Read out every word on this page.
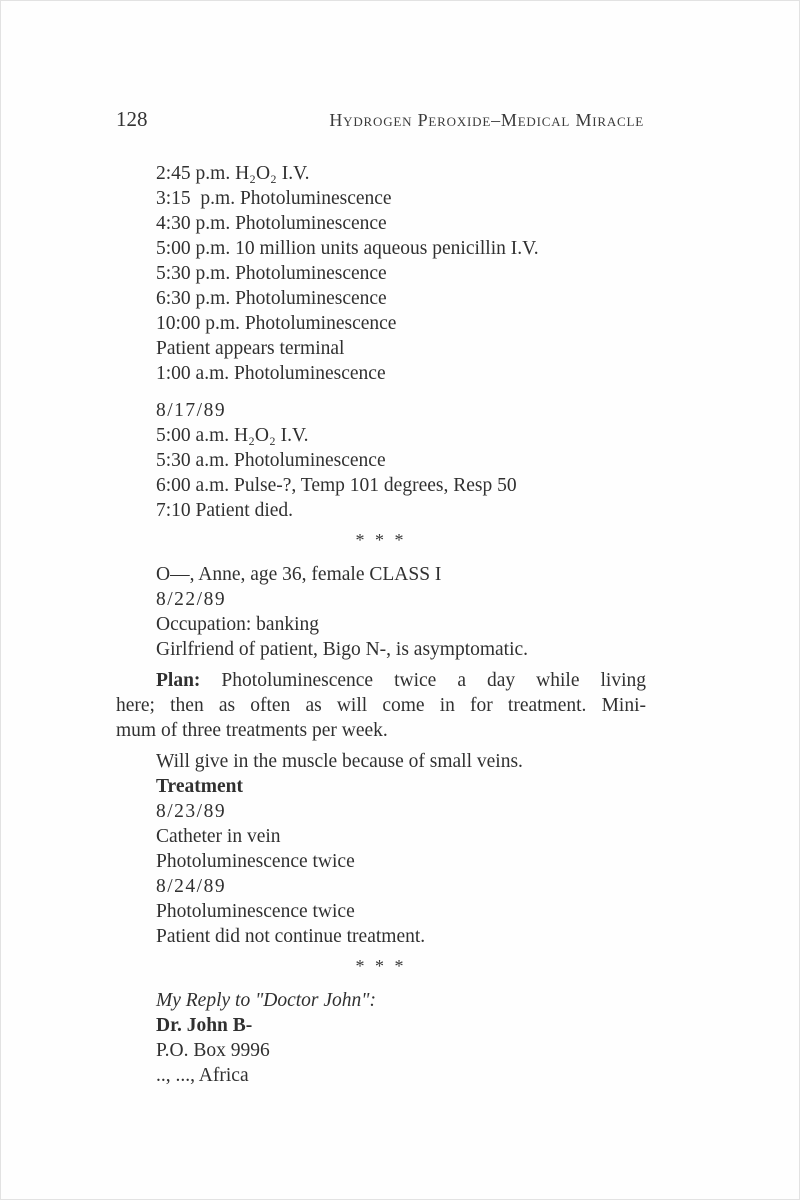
128	Hydrogen Peroxide–Medical Miracle
2:45 p.m. H₂O₂ I.V.
3:15  p.m. Photoluminescence
4:30 p.m. Photoluminescence
5:00 p.m. 10 million units aqueous penicillin I.V.
5:30 p.m. Photoluminescence
6:30 p.m. Photoluminescence
10:00 p.m. Photoluminescence
Patient appears terminal
1:00 a.m. Photoluminescence
8/17/89
5:00 a.m. H₂O₂ I.V.
5:30 a.m. Photoluminescence
6:00 a.m. Pulse-?, Temp 101 degrees, Resp 50
7:10 Patient died.
* * *
O—, Anne, age 36, female CLASS I
8/22/89
Occupation: banking
Girlfriend of patient, Bigo N-, is asymptomatic.
Plan: Photoluminescence twice a day while living
here; then as often as will come in for treatment. Mini-
mum of three treatments per week.
Will give in the muscle because of small veins.
Treatment
8/23/89
Catheter in vein
Photoluminescence twice
8/24/89
Photoluminescence twice
Patient did not continue treatment.
* * *
My Reply to "Doctor John":
Dr. John B-
P.O. Box 9996
.., ..., Africa
